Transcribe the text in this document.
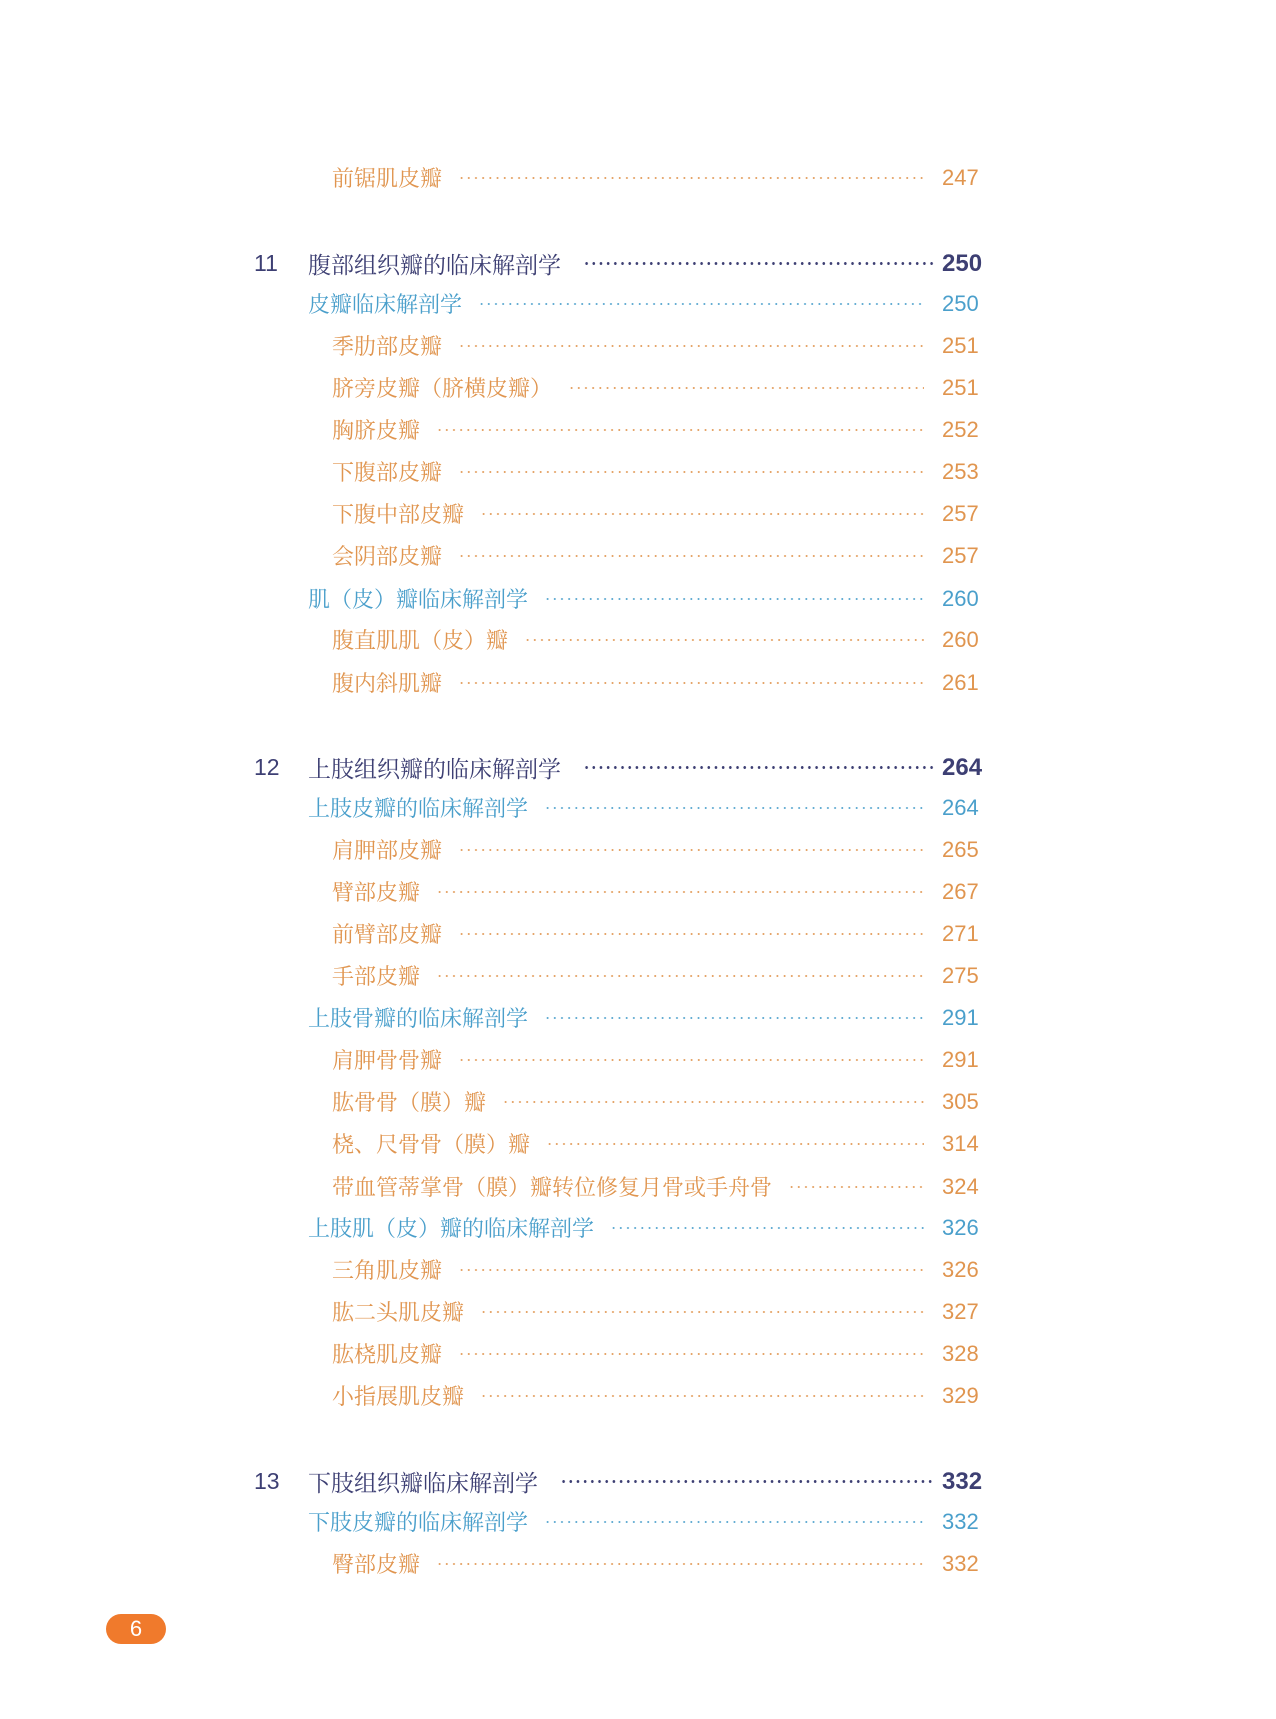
前锯肌皮瓣	247
11 腹部组织瓣的临床解剖学	250
皮瓣临床解剖学	250
季肋部皮瓣	251
脐旁皮瓣（脐横皮瓣）	251
胸脐皮瓣	252
下腹部皮瓣	253
下腹中部皮瓣	257
会阴部皮瓣	257
肌（皮）瓣临床解剖学	260
腹直肌肌（皮）瓣	260
腹内斜肌瓣	261
12 上肢组织瓣的临床解剖学	264
上肢皮瓣的临床解剖学	264
肩胛部皮瓣	265
臂部皮瓣	267
前臂部皮瓣	271
手部皮瓣	275
上肢骨瓣的临床解剖学	291
肩胛骨骨瓣	291
肱骨骨（膜）瓣	305
桡、尺骨骨（膜）瓣	314
带血管蒂掌骨（膜）瓣转位修复月骨或手舟骨	324
上肢肌（皮）瓣的临床解剖学	326
三角肌皮瓣	326
肱二头肌皮瓣	327
肱桡肌皮瓣	328
小指展肌皮瓣	329
13 下肢组织瓣临床解剖学	332
下肢皮瓣的临床解剖学	332
臀部皮瓣	332
6
